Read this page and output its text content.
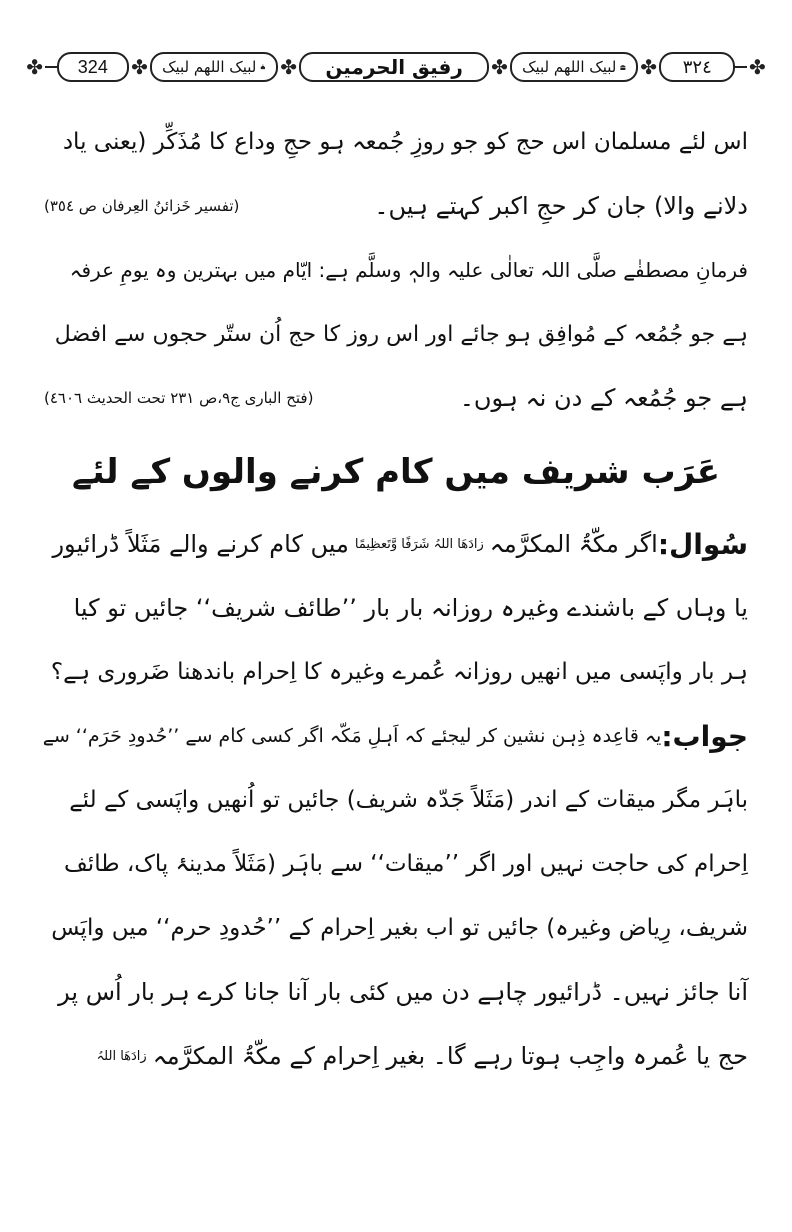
✤	324	✤ لبیک اللھم لبیک ✤	رفیق الحرمین	✤ لبیک اللھم لبیک ✤	۳۲٤	✤
اس لئے مسلمان اس حج کو جو روزِ جُمعہ ہو حجِ وداع کا مُذَکِّر (یعنی یاد
دلانے والا) جان کر حجِ اکبر کہتے ہیں۔
(تفسیر خَزائنُ العِرفان ص ۳٥٤)
فرمانِ مصطفٰے صلَّی اللہ تعالٰی علیہ والہٖ وسلَّم ہے: ایّام میں بہترین وہ یومِ عرفہ
ہے جو جُمُعہ کے مُوافِق ہو جائے اور اس روز کا حج اُن ستّر حجوں سے افضل
ہے جو جُمُعہ کے دن نہ ہوں۔
(فتح الباری ج۹،ص ۲۳۱ تحت الحدیث ٤٦٠٦)
عَرَب شریف میں کام کرنے والوں کے لئے
سُوال:
اگر مکّۃُ المکرَّمہ
زادَھَا اللہُ شَرَفًا وَّتَعظِیمًا
میں کام کرنے والے مَثَلاً ڈرائیور
یا وہاں کے باشندے وغیرہ روزانہ بار بار ’’طائف شریف‘‘ جائیں تو کیا
ہر بار واپَسی میں انھیں روزانہ عُمرے وغیرہ کا اِحرام باندھنا ضَروری ہے؟
جواب:
یہ قاعِدہ ذِہن نشین کر لیجئے کہ اَہلِ مَکّہ اگر کسی کام سے ’’حُدودِ حَرَم‘‘ سے
باہَر مگر میقات کے اندر (مَثَلاً جَدّہ شریف) جائیں تو اُنھیں واپَسی کے لئے
اِحرام کی حاجت نہیں اور اگر ’’میقات‘‘ سے باہَر (مَثَلاً مدینۂ پاک، طائف
شریف، رِیاض وغیرہ) جائیں تو اب بغیر اِحرام کے ’’حُدودِ حرم‘‘ میں واپَس
آنا جائز نہیں۔ ڈرائیور چاہے دن میں کئی بار آنا جانا کرے ہر بار اُس پر
حج یا عُمرہ واجِب ہوتا رہے گا۔ بغیر اِحرام کے مکّۃُ المکرَّمہ
زادَھَا اللہُ
